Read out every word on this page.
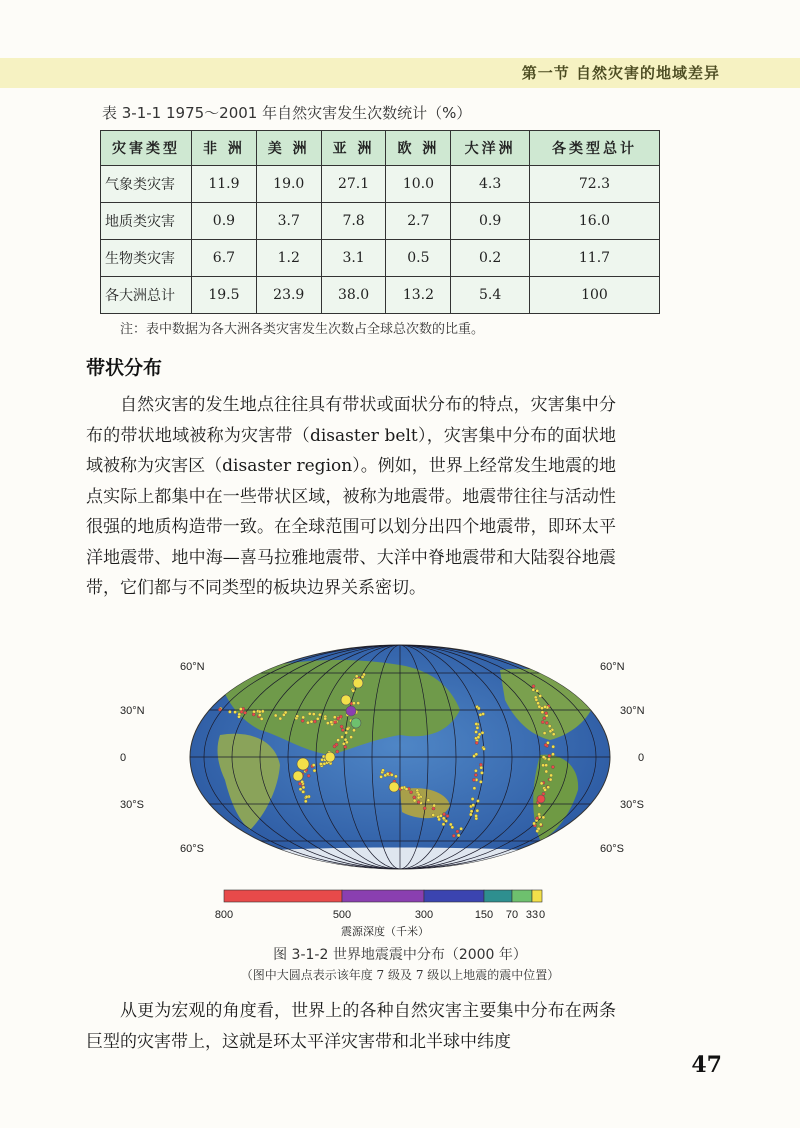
第一节 自然灾害的地域差异
表 3-1-1 1975～2001 年自然灾害发生次数统计（%）
灾害类型	非 洲	美 洲	亚 洲	欧 洲	大洋洲	各类型总计
气象类灾害	11.9	19.0	27.1	10.0	4.3	72.3
地质类灾害	0.9	3.7	7.8	2.7	0.9	16.0
生物类灾害	6.7	1.2	3.1	0.5	0.2	11.7
各大洲总计	19.5	23.9	38.0	13.2	5.4	100
注：表中数据为各大洲各类灾害发生次数占全球总次数的比重。
带状分布

自然灾害的发生地点往往具有带状或面状分布的特点，灾害集中分布的带状地域被称为灾害带（disaster belt），灾害集中分布的面状地域被称为灾害区（disaster region）。例如，世界上经常发生地震的地点实际上都集中在一些带状区域，被称为地震带。地震带往往与活动性很强的地质构造带一致。在全球范围可以划分出四个地震带，即环太平洋地震带、地中海—喜马拉雅地震带、大洋中脊地震带和大陆裂谷地震带，它们都与不同类型的板块边界关系密切。

60°N	60°N
30°N	30°N
0	0
30°S	30°S
60°S	60°S
800	500	300	150 70 33 0
震源深度（千米）
图 3-1-2 世界地震震中分布（2000 年）
（图中大圆点表示该年度 7 级及 7 级以上地震的震中位置）

从更为宏观的角度看，世界上的各种自然灾害主要集中分布在两条巨型的灾害带上，这就是环太平洋灾害带和北半球中纬度

47
